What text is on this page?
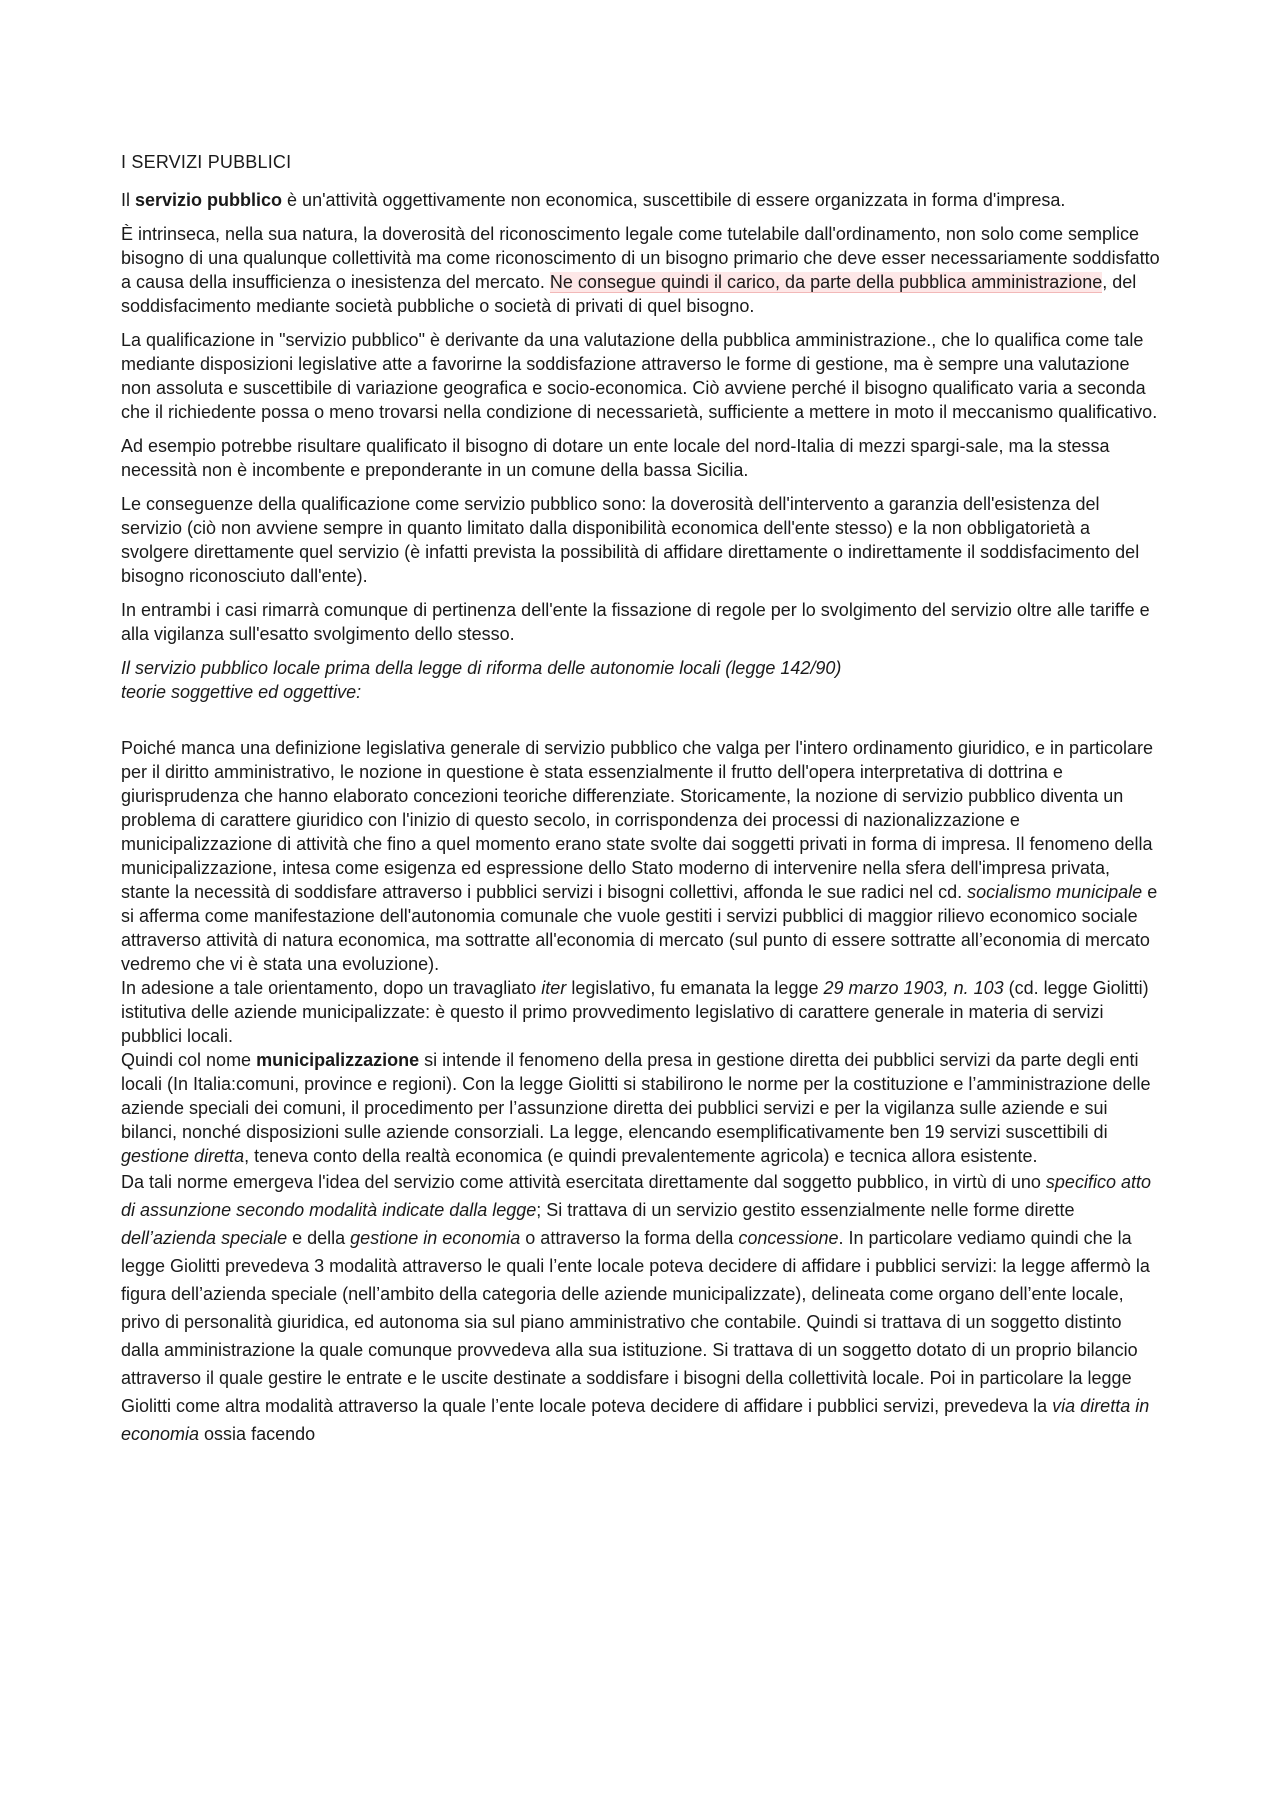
I SERVIZI PUBBLICI

Il servizio pubblico è un'attività oggettivamente non economica, suscettibile di essere organizzata in forma d'impresa.

È intrinseca, nella sua natura, la doverosità del riconoscimento legale come tutelabile dall'ordinamento, non solo come semplice bisogno di una qualunque collettività ma come riconoscimento di un bisogno primario che deve esser necessariamente soddisfatto a causa della insufficienza o inesistenza del mercato. Ne consegue quindi il carico, da parte della pubblica amministrazione, del soddisfacimento mediante società pubbliche o società di privati di quel bisogno.

La qualificazione in "servizio pubblico" è derivante da una valutazione della pubblica amministrazione., che lo qualifica come tale mediante disposizioni legislative atte a favorirne la soddisfazione attraverso le forme di gestione, ma è sempre una valutazione non assoluta e suscettibile di variazione geografica e socio-economica. Ciò avviene perché il bisogno qualificato varia a seconda che il richiedente possa o meno trovarsi nella condizione di necessarietà, sufficiente a mettere in moto il meccanismo qualificativo.

Ad esempio potrebbe risultare qualificato il bisogno di dotare un ente locale del nord-Italia di mezzi spargi-sale, ma la stessa necessità non è incombente e preponderante in un comune della bassa Sicilia.

Le conseguenze della qualificazione come servizio pubblico sono: la doverosità dell'intervento a garanzia dell'esistenza del servizio (ciò non avviene sempre in quanto limitato dalla disponibilità economica dell'ente stesso) e la non obbligatorietà a svolgere direttamente quel servizio (è infatti prevista la possibilità di affidare direttamente o indirettamente il soddisfacimento del bisogno riconosciuto dall'ente).

In entrambi i casi rimarrà comunque di pertinenza dell'ente la fissazione di regole per lo svolgimento del servizio oltre alle tariffe e alla vigilanza sull'esatto svolgimento dello stesso.

Il servizio pubblico locale prima della legge di riforma delle autonomie locali (legge 142/90)
teorie soggettive ed oggettive:

Poiché manca una definizione legislativa generale di servizio pubblico che valga per l'intero ordinamento giuridico, e in particolare per il diritto amministrativo, le nozione in questione è stata essenzialmente il frutto dell'opera interpretativa di dottrina e giurisprudenza che hanno elaborato concezioni teoriche differenziate. Storicamente, la nozione di servizio pubblico diventa un problema di carattere giuridico con l'inizio di questo secolo, in corrispondenza dei processi di nazionalizzazione e municipalizzazione di attività che fino a quel momento erano state svolte dai soggetti privati in forma di impresa. Il fenomeno della municipalizzazione, intesa come esigenza ed espressione dello Stato moderno di intervenire nella sfera dell'impresa privata, stante la necessità di soddisfare attraverso i pubblici servizi i bisogni collettivi, affonda le sue radici nel cd. socialismo municipale e si afferma come manifestazione dell'autonomia comunale che vuole gestiti i servizi pubblici di maggior rilievo economico sociale attraverso attività di natura economica, ma sottratte all'economia di mercato (sul punto di essere sottratte all’economia di mercato vedremo che vi è stata una evoluzione).

In adesione a tale orientamento, dopo un travagliato iter legislativo, fu emanata la legge 29 marzo 1903, n. 103 (cd. legge Giolitti) istitutiva delle aziende municipalizzate: è questo il primo provvedimento legislativo di carattere generale in materia di servizi pubblici locali.

Quindi col nome municipalizzazione si intende il fenomeno della presa in gestione diretta dei pubblici servizi da parte degli enti locali (In Italia:comuni, province e regioni). Con la legge Giolitti si stabilirono le norme per la costituzione e l’amministrazione delle aziende speciali dei comuni, il procedimento per l’assunzione diretta dei pubblici servizi e per la vigilanza sulle aziende e sui bilanci, nonché disposizioni sulle aziende consorziali. La legge, elencando esemplificativamente ben 19 servizi suscettibili di gestione diretta, teneva conto della realtà economica (e quindi prevalentemente agricola) e tecnica allora esistente.

Da tali norme emergeva l'idea del servizio come attività esercitata direttamente dal soggetto pubblico, in virtù di uno specifico atto di assunzione secondo modalità indicate dalla legge; Si trattava di un servizio gestito essenzialmente nelle forme dirette dell’azienda speciale e della gestione in economia o attraverso la forma della concessione. In particolare vediamo quindi che la legge Giolitti prevedeva 3 modalità attraverso le quali l’ente locale poteva decidere di affidare i pubblici servizi: la legge affermò la figura dell’azienda speciale (nell’ambito della categoria delle aziende municipalizzate), delineata come organo dell’ente locale, privo di personalità giuridica, ed autonoma sia sul piano amministrativo che contabile. Quindi si trattava di un soggetto distinto dalla amministrazione la quale comunque provvedeva alla sua istituzione. Si trattava di un soggetto dotato di un proprio bilancio attraverso il quale gestire le entrate e le uscite destinate a soddisfare i bisogni della collettività locale. Poi in particolare la legge Giolitti come altra modalità attraverso la quale l’ente locale poteva decidere di affidare i pubblici servizi, prevedeva la via diretta in economia ossia facendo
